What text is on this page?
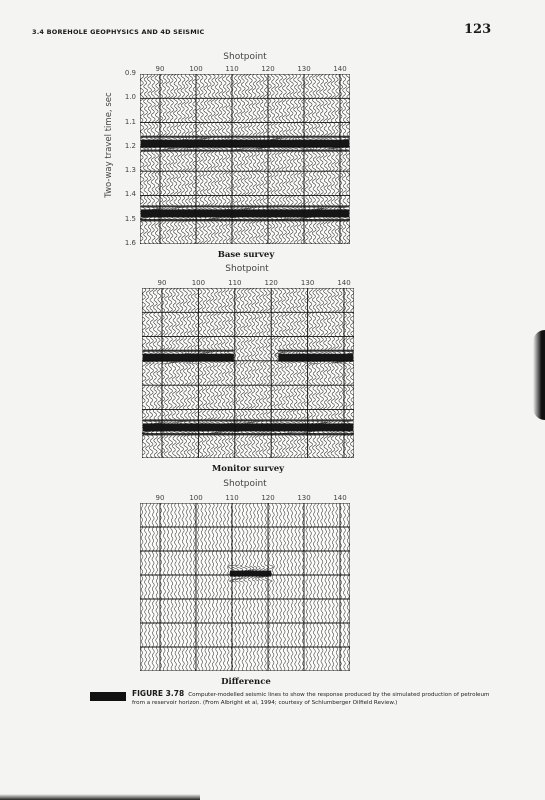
3.4 BOREHOLE GEOPHYSICS AND 4D SEISMIC	123
Shotpoint
90	100	110	120	130	140
0.9
1.0
1.1
1.2
1.3
1.4
1.5
1.6
Two-way travel time, sec
Base survey
Shotpoint
90	100	110	120	130	140
Monitor survey
Shotpoint
90	100	110	120	130	140
Difference
FIGURE 3.78 Computer-modelled seismic lines to show the response produced by the simulated production of petroleum from a reservoir horizon. (From Albright et al, 1994; courtesy of Schlumberger Oilfield Review.)
